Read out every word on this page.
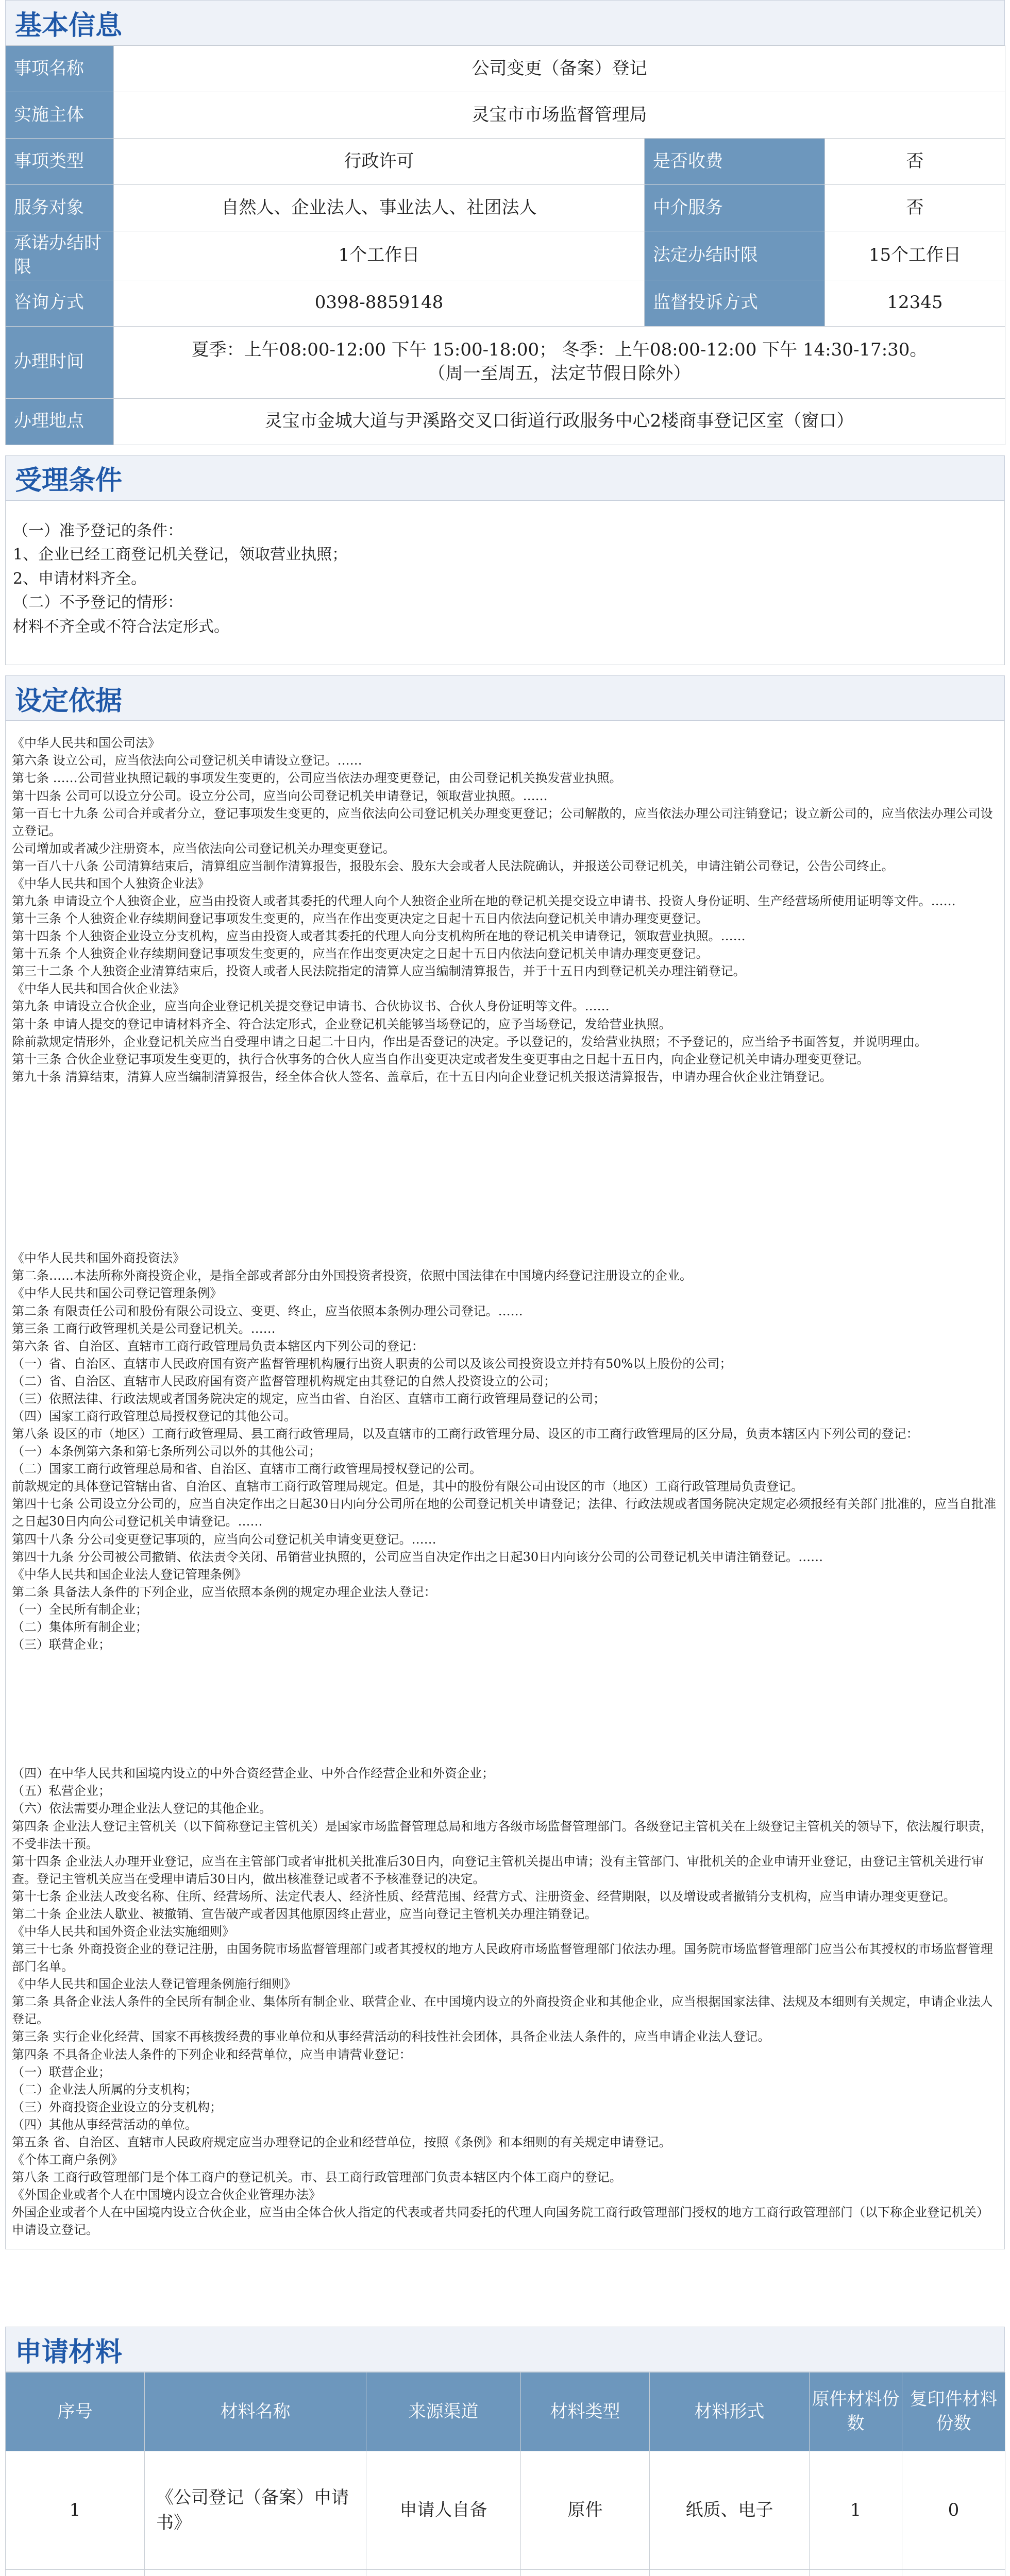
基本信息
事项名称	公司变更（备案）登记		
实施主体	灵宝市市场监督管理局		
事项类型	行政许可	是否收费	否
服务对象	自然人、企业法人、事业法人、社团法人	中介服务	否
承诺办结时限	1个工作日	法定办结时限	15个工作日
咨询方式	0398-8859148	监督投诉方式	12345
办理时间	夏季：上午08:00-12:00 下午 15:00-18:00； 冬季：上午08:00-12:00 下午 14:30-17:30。
（周一至周五，法定节假日除外）		

办理地点	灵宝市金城大道与尹溪路交叉口街道行政服务中心2楼商事登记区室（窗口）		
受理条件

（一）准予登记的条件：

1、企业已经工商登记机关登记，领取营业执照；

2、申请材料齐全。

（二）不予登记的情形：

材料不齐全或不符合法定形式。

设定依据
《中华人民共和国公司法》
第六条 设立公司，应当依法向公司登记机关申请设立登记。……
第七条 ……公司营业执照记载的事项发生变更的，公司应当依法办理变更登记，由公司登记机关换发营业执照。
第十四条 公司可以设立分公司。设立分公司，应当向公司登记机关申请登记，领取营业执照。……
第一百七十九条 公司合并或者分立，登记事项发生变更的，应当依法向公司登记机关办理变更登记；公司解散的，应当依法办理公司注销登记；设立新公司的，应当依法办理公司设立登记。
公司增加或者减少注册资本，应当依法向公司登记机关办理变更登记。
第一百八十八条 公司清算结束后，清算组应当制作清算报告，报股东会、股东大会或者人民法院确认，并报送公司登记机关，申请注销公司登记，公告公司终止。
《中华人民共和国个人独资企业法》
第九条 申请设立个人独资企业，应当由投资人或者其委托的代理人向个人独资企业所在地的登记机关提交设立申请书、投资人身份证明、生产经营场所使用证明等文件。……
第十三条 个人独资企业存续期间登记事项发生变更的，应当在作出变更决定之日起十五日内依法向登记机关申请办理变更登记。
第十四条 个人独资企业设立分支机构，应当由投资人或者其委托的代理人向分支机构所在地的登记机关申请登记，领取营业执照。……
第十五条 个人独资企业存续期间登记事项发生变更的，应当在作出变更决定之日起十五日内依法向登记机关申请办理变更登记。
第三十二条 个人独资企业清算结束后，投资人或者人民法院指定的清算人应当编制清算报告，并于十五日内到登记机关办理注销登记。
《中华人民共和国合伙企业法》
第九条 申请设立合伙企业，应当向企业登记机关提交登记申请书、合伙协议书、合伙人身份证明等文件。……
第十条 申请人提交的登记申请材料齐全、符合法定形式，企业登记机关能够当场登记的，应予当场登记，发给营业执照。
除前款规定情形外，企业登记机关应当自受理申请之日起二十日内，作出是否登记的决定。予以登记的，发给营业执照；不予登记的，应当给予书面答复，并说明理由。
第十三条 合伙企业登记事项发生变更的，执行合伙事务的合伙人应当自作出变更决定或者发生变更事由之日起十五日内，向企业登记机关申请办理变更登记。
第九十条 清算结束，清算人应当编制清算报告，经全体合伙人签名、盖章后，在十五日内向企业登记机关报送清算报告，申请办理合伙企业注销登记。
《中华人民共和国外商投资法》
第二条……本法所称外商投资企业，是指全部或者部分由外国投资者投资，依照中国法律在中国境内经登记注册设立的企业。
《中华人民共和国公司登记管理条例》
第二条 有限责任公司和股份有限公司设立、变更、终止，应当依照本条例办理公司登记。……
第三条 工商行政管理机关是公司登记机关。……
第六条 省、自治区、直辖市工商行政管理局负责本辖区内下列公司的登记：
（一）省、自治区、直辖市人民政府国有资产监督管理机构履行出资人职责的公司以及该公司投资设立并持有50%以上股份的公司；
（二）省、自治区、直辖市人民政府国有资产监督管理机构规定由其登记的自然人投资设立的公司；
（三）依照法律、行政法规或者国务院决定的规定，应当由省、自治区、直辖市工商行政管理局登记的公司；
（四）国家工商行政管理总局授权登记的其他公司。
第八条 设区的市（地区）工商行政管理局、县工商行政管理局，以及直辖市的工商行政管理分局、设区的市工商行政管理局的区分局，负责本辖区内下列公司的登记：
（一）本条例第六条和第七条所列公司以外的其他公司；
（二）国家工商行政管理总局和省、自治区、直辖市工商行政管理局授权登记的公司。
前款规定的具体登记管辖由省、自治区、直辖市工商行政管理局规定。但是，其中的股份有限公司由设区的市（地区）工商行政管理局负责登记。
第四十七条 公司设立分公司的，应当自决定作出之日起30日内向分公司所在地的公司登记机关申请登记；法律、行政法规或者国务院决定规定必须报经有关部门批准的，应当自批准之日起30日内向公司登记机关申请登记。……
第四十八条 分公司变更登记事项的，应当向公司登记机关申请变更登记。……
第四十九条 分公司被公司撤销、依法责令关闭、吊销营业执照的，公司应当自决定作出之日起30日内向该分公司的公司登记机关申请注销登记。……
《中华人民共和国企业法人登记管理条例》
第二条 具备法人条件的下列企业，应当依照本条例的规定办理企业法人登记：
（一）全民所有制企业；
（二）集体所有制企业；
（三）联营企业；
（四）在中华人民共和国境内设立的中外合资经营企业、中外合作经营企业和外资企业；
（五）私营企业；
（六）依法需要办理企业法人登记的其他企业。
第四条 企业法人登记主管机关（以下简称登记主管机关）是国家市场监督管理总局和地方各级市场监督管理部门。各级登记主管机关在上级登记主管机关的领导下，依法履行职责，不受非法干预。
第十四条 企业法人办理开业登记，应当在主管部门或者审批机关批准后30日内，向登记主管机关提出申请；没有主管部门、审批机关的企业申请开业登记，由登记主管机关进行审查。登记主管机关应当在受理申请后30日内，做出核准登记或者不予核准登记的决定。
第十七条 企业法人改变名称、住所、经营场所、法定代表人、经济性质、经营范围、经营方式、注册资金、经营期限，以及增设或者撤销分支机构，应当申请办理变更登记。
第二十条 企业法人歇业、被撤销、宣告破产或者因其他原因终止营业，应当向登记主管机关办理注销登记。
《中华人民共和国外资企业法实施细则》
第三十七条 外商投资企业的登记注册，由国务院市场监督管理部门或者其授权的地方人民政府市场监督管理部门依法办理。国务院市场监督管理部门应当公布其授权的市场监督管理部门名单。
《中华人民共和国企业法人登记管理条例施行细则》
第二条 具备企业法人条件的全民所有制企业、集体所有制企业、联营企业、在中国境内设立的外商投资企业和其他企业，应当根据国家法律、法规及本细则有关规定，申请企业法人登记。
第三条 实行企业化经营、国家不再核拨经费的事业单位和从事经营活动的科技性社会团体，具备企业法人条件的，应当申请企业法人登记。
第四条 不具备企业法人条件的下列企业和经营单位，应当申请营业登记：
（一）联营企业；
（二）企业法人所属的分支机构；
（三）外商投资企业设立的分支机构；
（四）其他从事经营活动的单位。
第五条 省、自治区、直辖市人民政府规定应当办理登记的企业和经营单位，按照《条例》和本细则的有关规定申请登记。
《个体工商户条例》
第八条 工商行政管理部门是个体工商户的登记机关。市、县工商行政管理部门负责本辖区内个体工商户的登记。
《外国企业或者个人在中国境内设立合伙企业管理办法》
外国企业或者个人在中国境内设立合伙企业，应当由全体合伙人指定的代表或者共同委托的代理人向国务院工商行政管理部门授权的地方工商行政管理部门（以下称企业登记机关）申请设立登记。
申请材料
序号	材料名称	来源渠道	材料类型	材料形式	原件材料份数	复印件材料份数
1	《公司登记（备案）申请书》	申请人自备	原件	纸质、电子	1	0
